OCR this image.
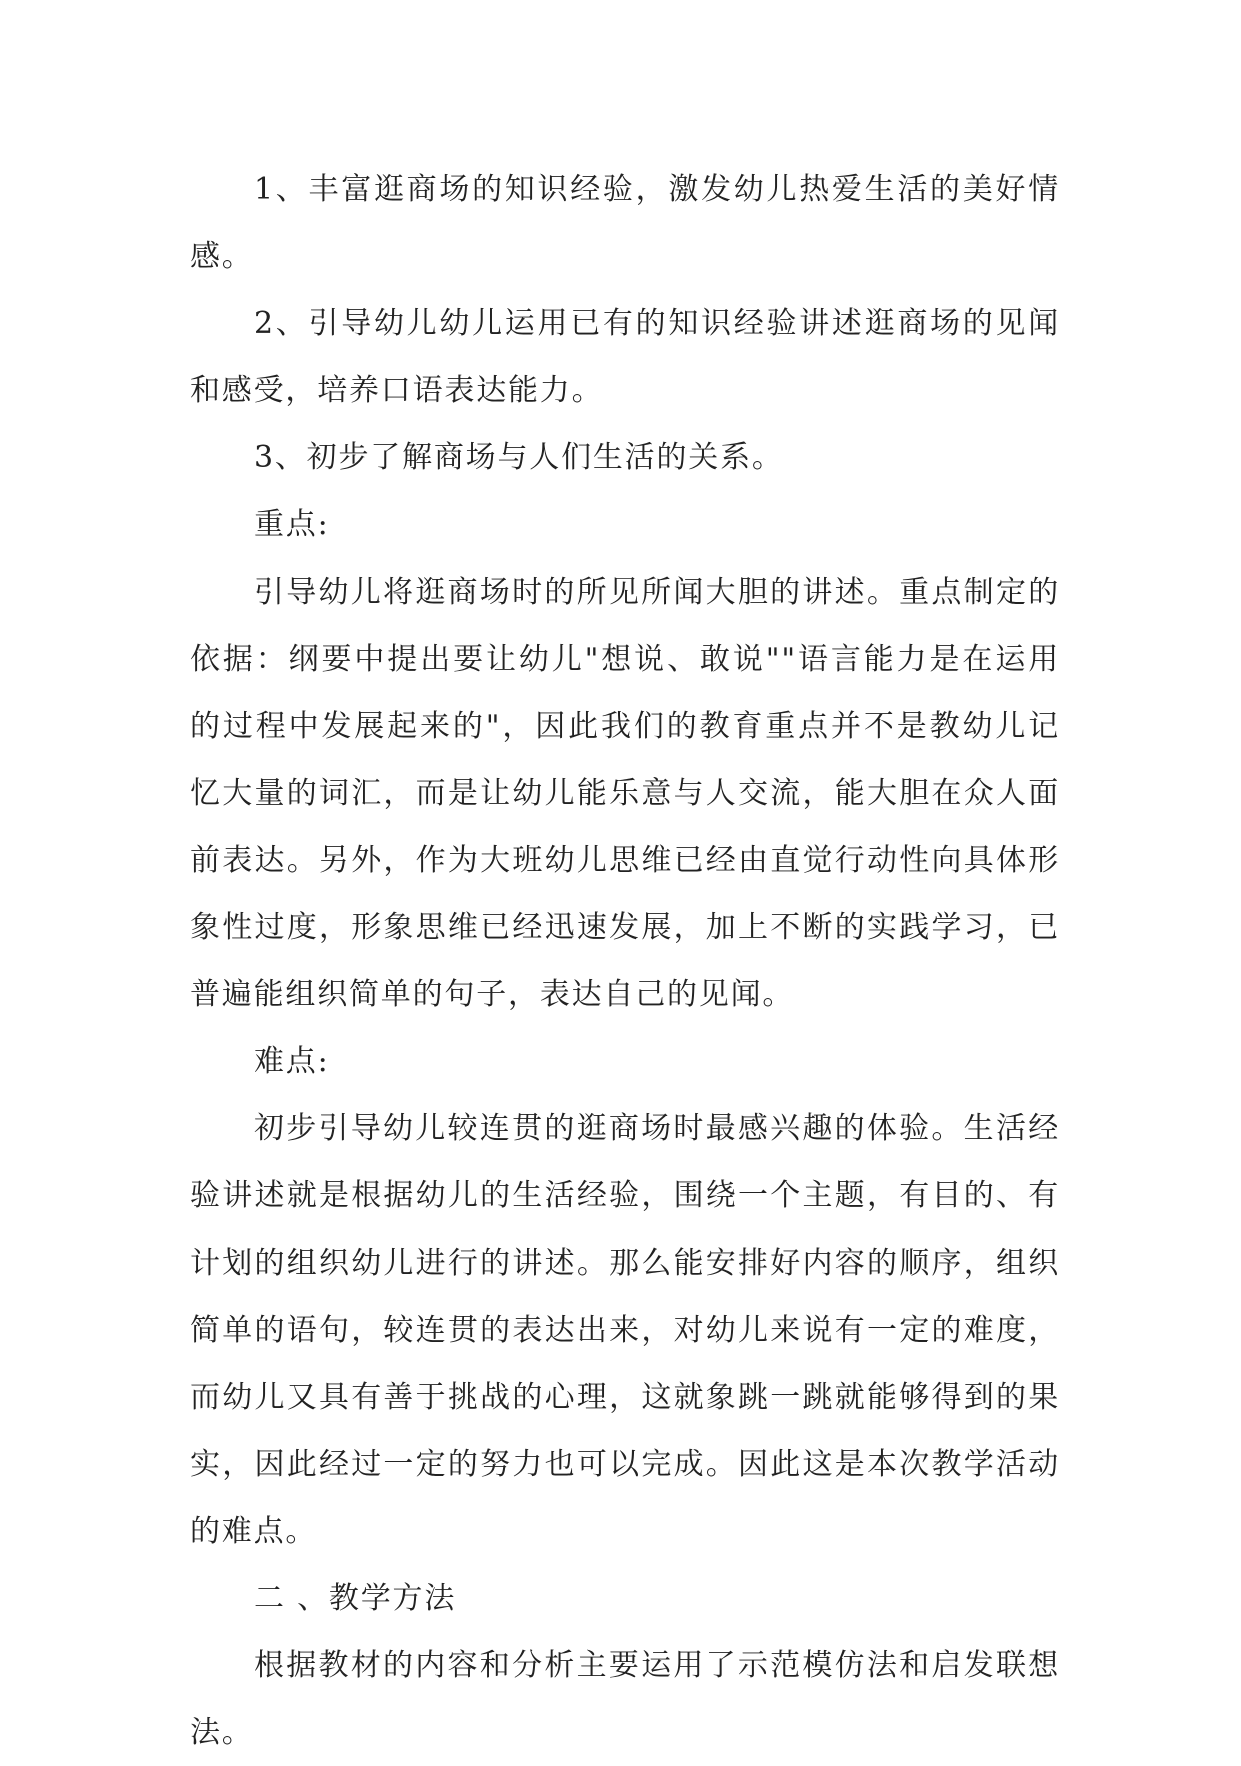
1、丰富逛商场的知识经验，激发幼儿热爱生活的美好情感。

2、引导幼儿幼儿运用已有的知识经验讲述逛商场的见闻和感受，培养口语表达能力。

3、初步了解商场与人们生活的关系。

重点:

引导幼儿将逛商场时的所见所闻大胆的讲述。重点制定的依据：纲要中提出要让幼儿"想说、敢说""语言能力是在运用的过程中发展起来的"，因此我们的教育重点并不是教幼儿记忆大量的词汇，而是让幼儿能乐意与人交流，能大胆在众人面前表达。另外，作为大班幼儿思维已经由直觉行动性向具体形象性过度，形象思维已经迅速发展，加上不断的实践学习，已普遍能组织简单的句子，表达自己的见闻。

难点:

初步引导幼儿较连贯的逛商场时最感兴趣的体验。生活经验讲述就是根据幼儿的生活经验，围绕一个主题，有目的、有计划的组织幼儿进行的讲述。那么能安排好内容的顺序，组织简单的语句，较连贯的表达出来，对幼儿来说有一定的难度，而幼儿又具有善于挑战的心理，这就象跳一跳就能够得到的果实，因此经过一定的努力也可以完成。因此这是本次教学活动的难点。

二 、教学方法

根据教材的内容和分析主要运用了示范模仿法和启发联想法。
